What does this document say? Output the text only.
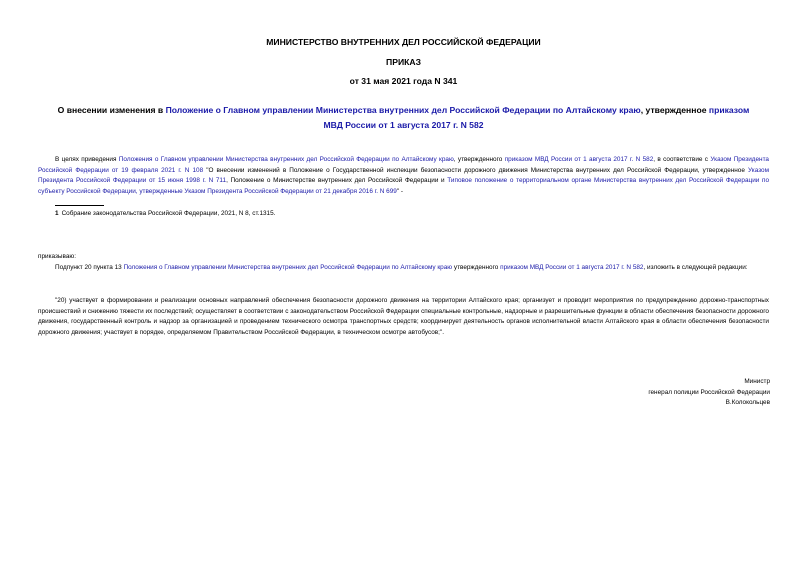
МИНИСТЕРСТВО ВНУТРЕННИХ ДЕЛ РОССИЙСКОЙ ФЕДЕРАЦИИ
ПРИКАЗ
от 31 мая 2021 года N 341
О внесении изменения в Положение о Главном управлении Министерства внутренних дел Российской Федерации по Алтайскому краю, утвержденное приказом
МВД России от 1 августа 2017 г. N 582
В целях приведения Положения о Главном управлении Министерства внутренних дел Российской Федерации по Алтайскому краю, утвержденного приказом МВД России от 1 августа 2017 г. N 582, в соответствие с Указом Президента Российской Федерации от 19 февраля 2021 г. N 108 "О внесении изменений в Положение о Государственной инспекции безопасности дорожного движения Министерства внутренних дел Российской Федерации, утвержденное Указом Президента Российской Федерации от 15 июня 1998 г. N 711, Положение о Министерстве внутренних дел Российской Федерации и Типовое положение о территориальном органе Министерства внутренних дел Российской Федерации по субъекту Российской Федерации, утвержденные Указом Президента Российской Федерации от 21 декабря 2016 г. N 699" -
1 Собрание законодательства Российской Федерации, 2021, N 8, ст.1315.
приказываю:
Подпункт 20 пункта 13 Положения о Главном управлении Министерства внутренних дел Российской Федерации по Алтайскому краю утвержденного приказом МВД России от 1 августа 2017 г. N 582, изложить в следующей редакции:
"20) участвует в формировании и реализации основных направлений обеспечения безопасности дорожного движения на территории Алтайского края; организует и проводит мероприятия по предупреждению дорожно-транспортных происшествий и снижению тяжести их последствий; осуществляет в соответствии с законодательством Российской Федерации специальные контрольные, надзорные и разрешительные функции в области обеспечения безопасности дорожного движения, государственный контроль и надзор за организацией и проведением технического осмотра транспортных средств; координирует деятельность органов исполнительной власти Алтайского края в области обеспечения безопасности дорожного движения; участвует в порядке, определяемом Правительством Российской Федерации, в техническом осмотре автобусов;".
Министр
генерал полиции Российской Федерации
В.Колокольцев
